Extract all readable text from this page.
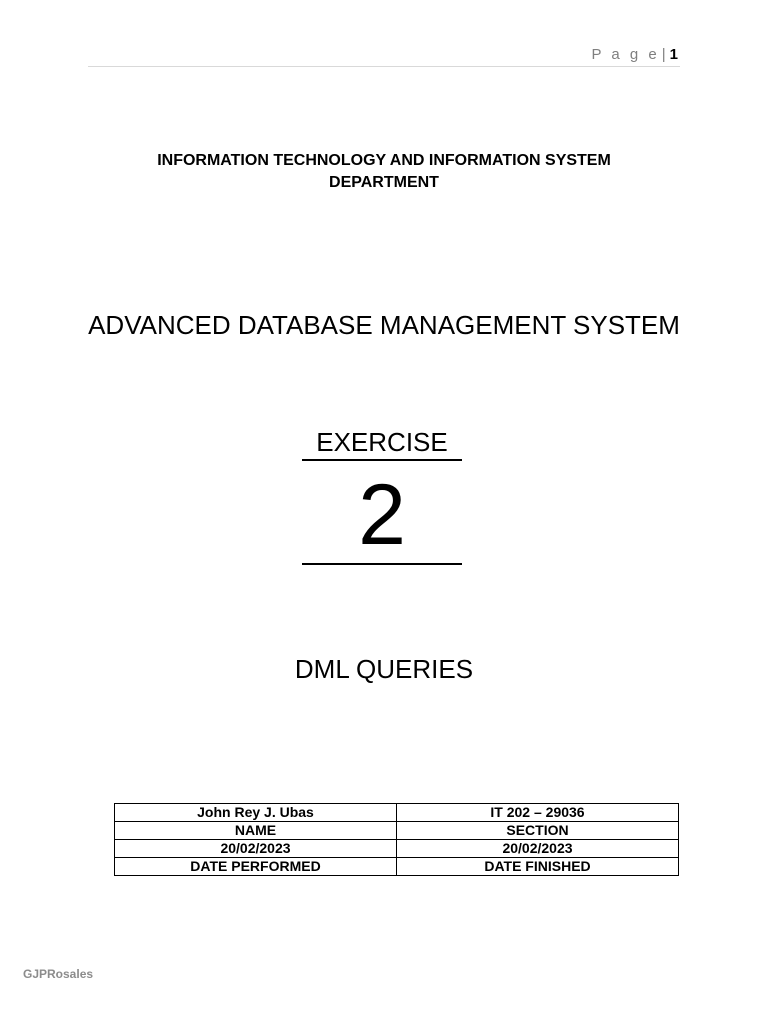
P a g e | 1
INFORMATION TECHNOLOGY AND INFORMATION SYSTEM
DEPARTMENT
ADVANCED DATABASE MANAGEMENT SYSTEM
EXERCISE
2
DML QUERIES
John Rey J. Ubas	IT 202 – 29036
NAME	SECTION
20/02/2023	20/02/2023
DATE PERFORMED	DATE FINISHED
GJPRosales
